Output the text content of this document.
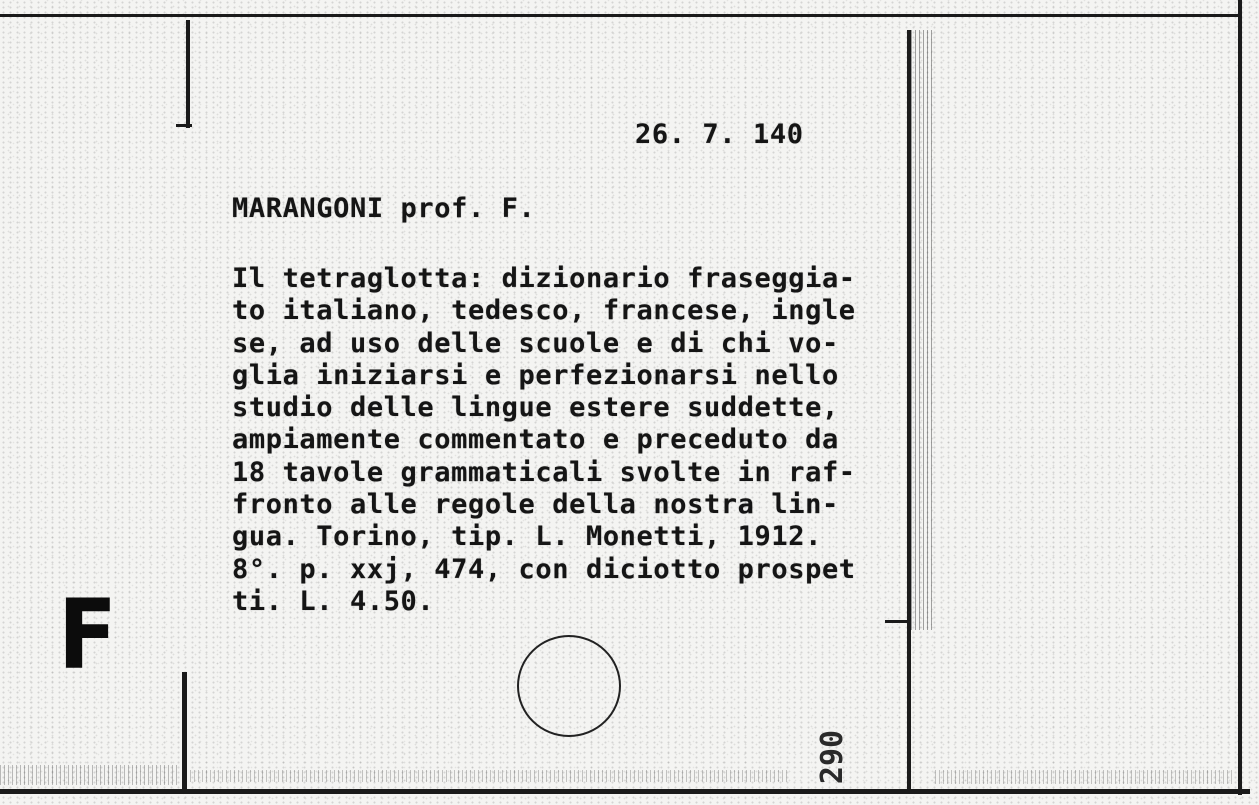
26. 7. 140
MARANGONI prof. F.
Il tetraglotta: dizionario fraseggia-
to italiano, tedesco, francese, ingle
se, ad uso delle scuole e di chi vo-
glia iniziarsi e perfezionarsi nello
studio delle lingue estere suddette,
ampiamente commentato e preceduto da
18 tavole grammaticali svolte in raf-
fronto alle regole della nostra lin-
gua. Torino, tip. L. Monetti, 1912.
8°. p. xxj, 474, con diciotto prospet
ti. L. 4.50.
F
290
